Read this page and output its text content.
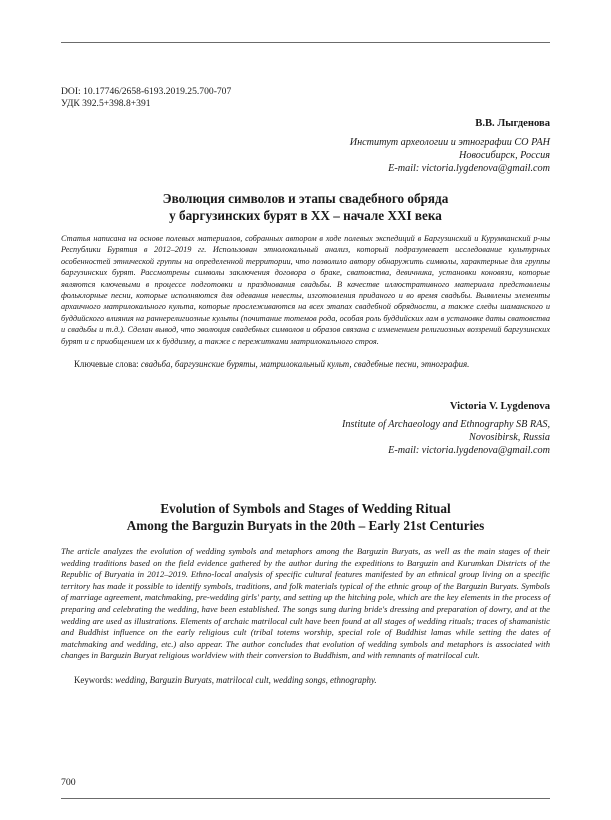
DOI: 10.17746/2658-6193.2019.25.700-707
УДК 392.5+398.8+391
В.В. Лыгденова
Институт археологии и этнографии СО РАН
Новосибирск, Россия
E-mail: victoria.lygdenova@gmail.com
Эволюция символов и этапы свадебного обряда
у баргузинских бурят в ХХ – начале XXI века
Статья написана на основе полевых материалов, собранных автором в ходе полевых экспедиций в Баргузинский и Курумканский р-ны Республики Бурятия в 2012–2019 гг. Использован этнолокальный анализ, который подразумевает исследование культурных особенностей этнической группы на определенной территории, что позволило автору обнаружить символы, характерные для группы баргузинских бурят. Рассмотрены символы заключения договора о браке, сватовства, девичника, установки коновязи, которые являются ключевыми в процессе подготовки и празднования свадьбы. В качестве иллюстративного материала представлены фольклорные песни, которые исполняются для одевания невесты, изготовления приданого и во время свадьбы. Выявлены элементы архаичного матрилокального культа, которые прослеживаются на всех этапах свадебной обрядности, а также следы шаманского и буддийского влияния на раннерелигиозные культы (почитание тотемов рода, особая роль буддийских лам в установке даты сватовства и свадьбы и т.д.). Сделан вывод, что эволюция свадебных символов и образов связана с изменением религиозных воззрений баргузинских бурят и с приобщением их к буддизму, а также с пережитками матрилокального строя.
Ключевые слова: свадьба, баргузинские буряты, матрилокальный культ, свадебные песни, этнография.
Victoria V. Lygdenova
Institute of Archaeology and Ethnography SB RAS,
Novosibirsk, Russia
E-mail: victoria.lygdenova@gmail.com
Evolution of Symbols and Stages of Wedding Ritual
Among the Barguzin Buryats in the 20th – Early 21st Centuries
The article analyzes the evolution of wedding symbols and metaphors among the Barguzin Buryats, as well as the main stages of their wedding traditions based on the field evidence gathered by the author during the expeditions to Barguzin and Kurumkan Districts of the Republic of Buryatia in 2012–2019. Ethno-local analysis of specific cultural features manifested by an ethnical group living on a specific territory has made it possible to identify symbols, traditions, and folk materials typical of the ethnic group of the Barguzin Buryats. Symbols of marriage agreement, matchmaking, pre-wedding girls' party, and setting up the hitching pole, which are the key elements in the process of preparing and celebrating the wedding, have been established. The songs sung during bride's dressing and preparation of dowry, and at the wedding are used as illustrations. Elements of archaic matrilocal cult have been found at all stages of wedding rituals; traces of shamanistic and Buddhist influence on the early religious cult (tribal totems worship, special role of Buddhist lamas while setting the dates of matchmaking and wedding, etc.) also appear. The author concludes that evolution of wedding symbols and metaphors is associated with changes in Barguzin Buryat religious worldview with their conversion to Buddhism, and with remnants of matrilocal cult.
Keywords: wedding, Barguzin Buryats, matrilocal cult, wedding songs, ethnography.
700
